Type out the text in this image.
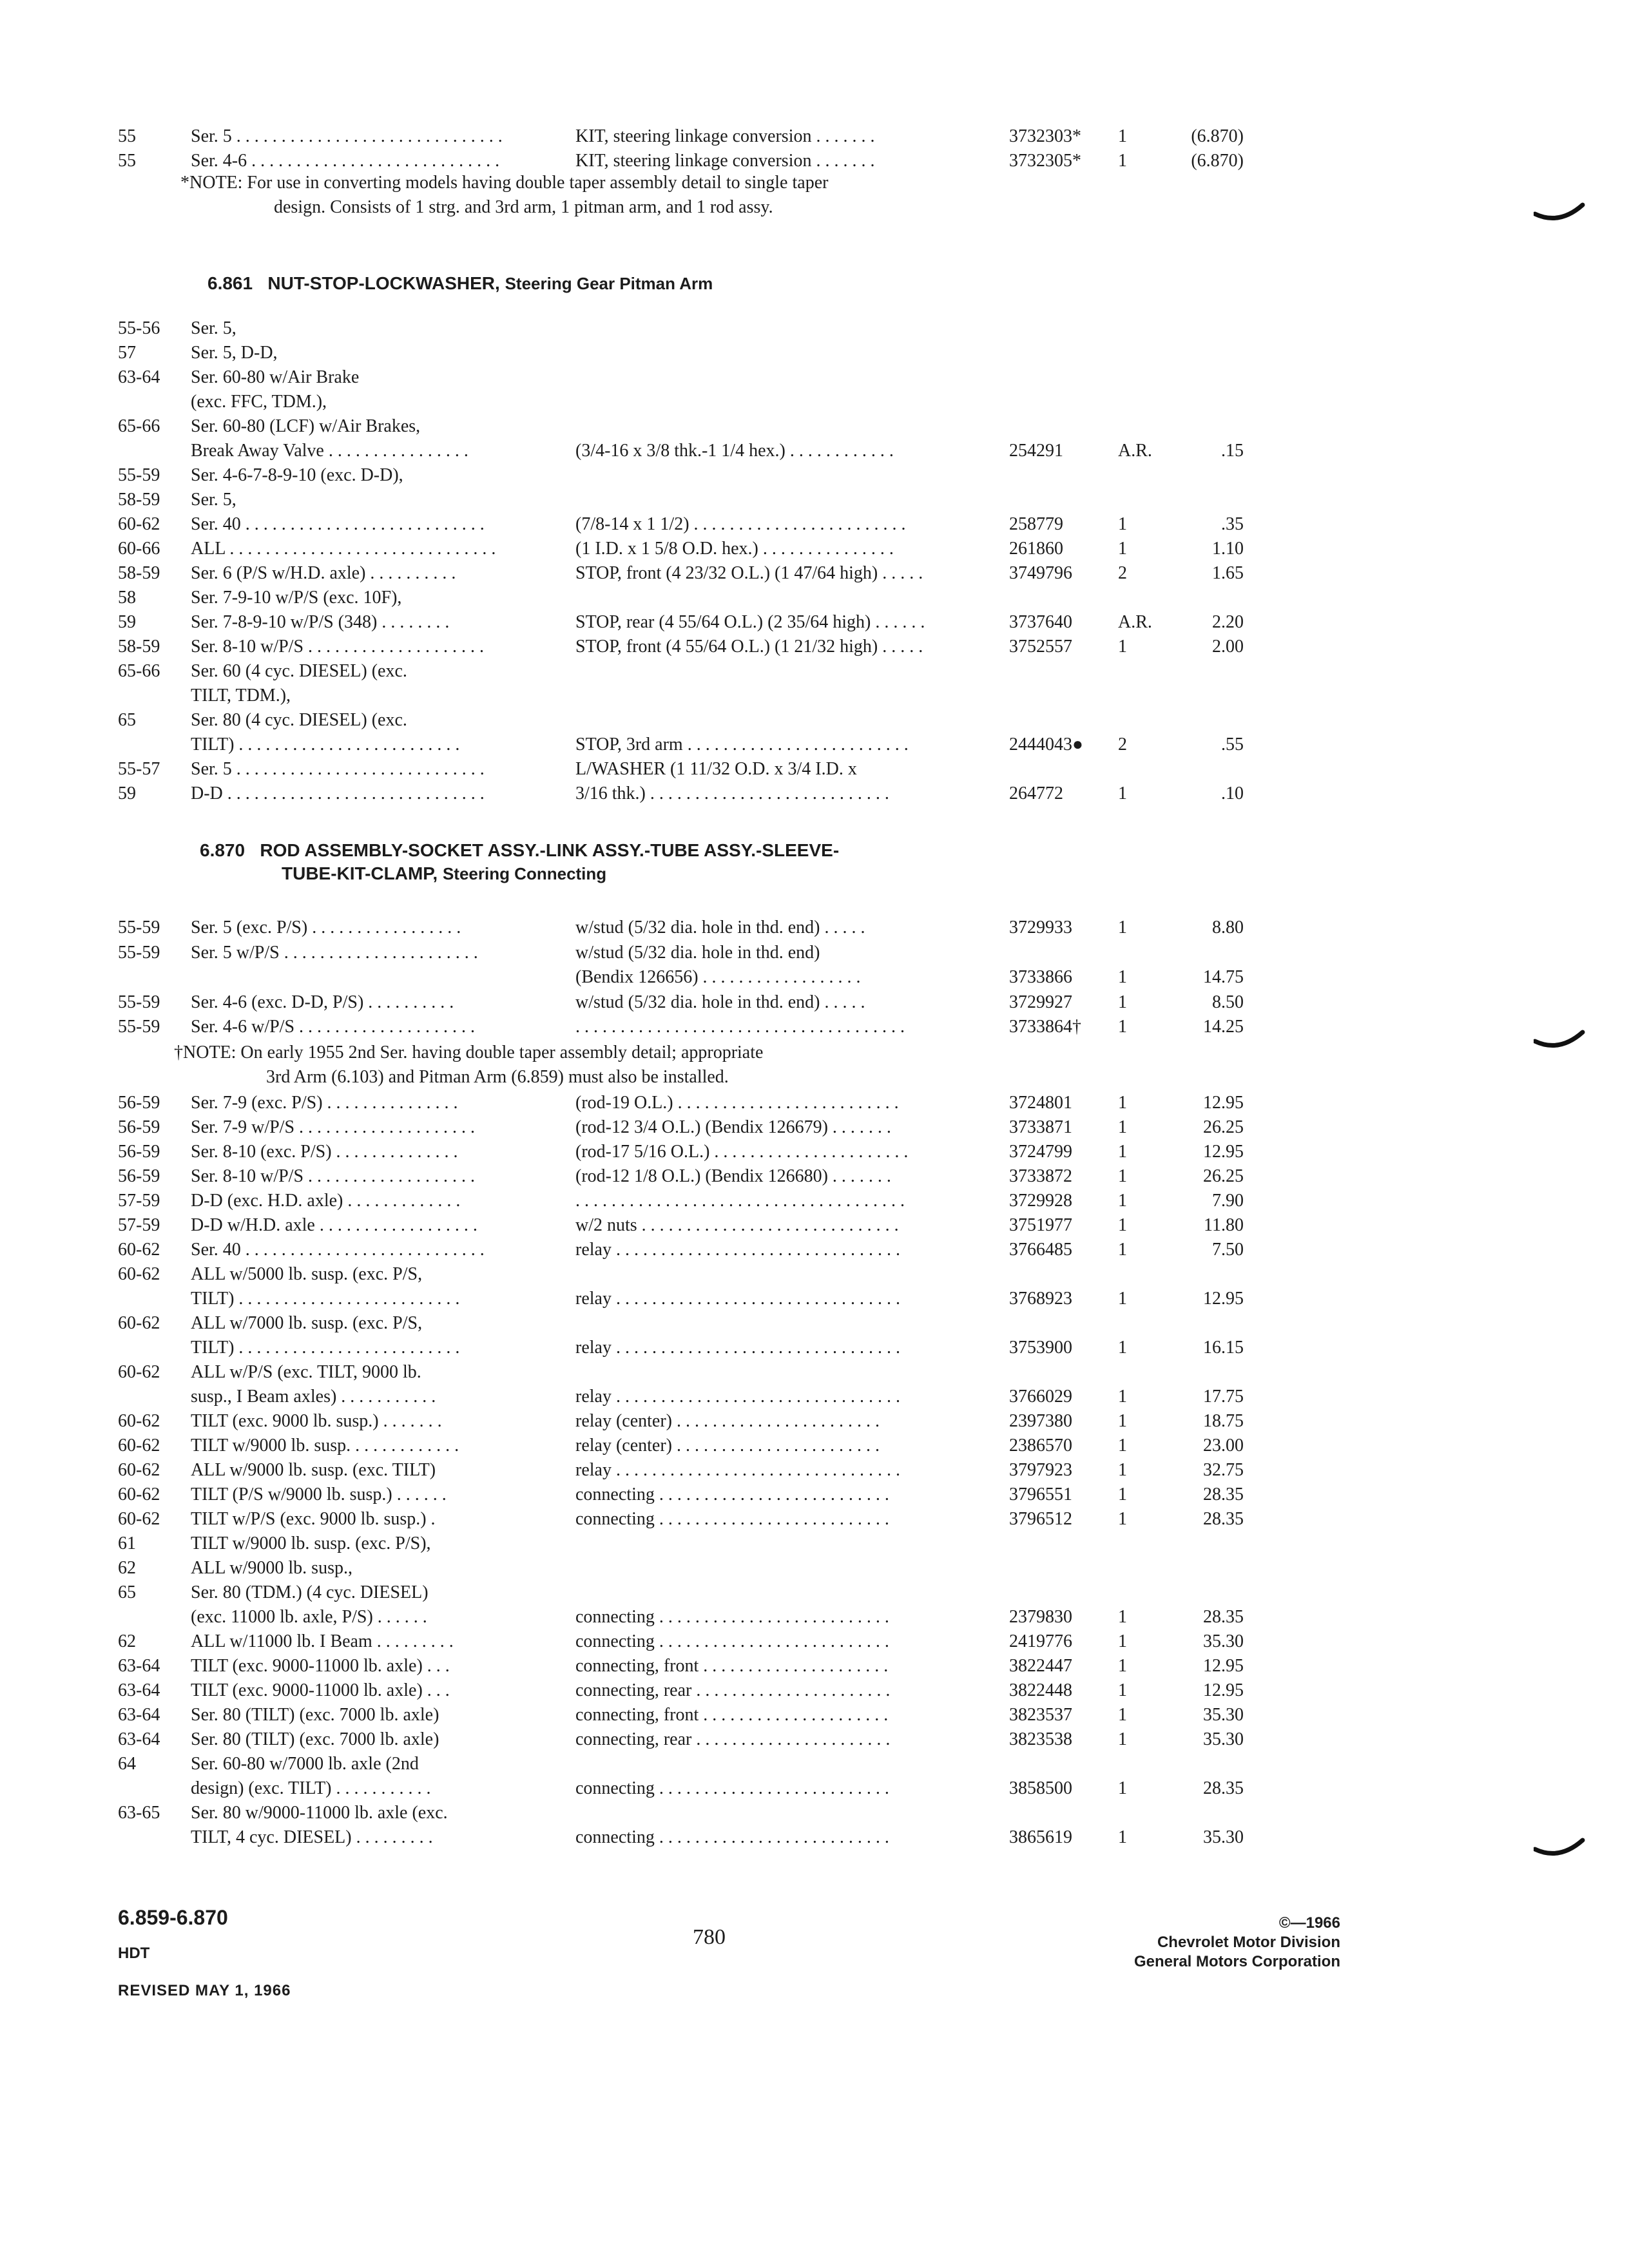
55	Ser. 5 . . . . . . . . . . . . . . . . . . . . . . . . . . . . . .	KIT, steering linkage conversion . . . . . . .	3732303* 1	(6.870)
55	Ser. 4-6 . . . . . . . . . . . . . . . . . . . . . . . . . . . .	KIT, steering linkage conversion . . . . . . .	3732305* 1	(6.870)
*NOTE: For use in converting models having double taper assembly detail to single taper
design. Consists of 1 strg. and 3rd arm, 1 pitman arm, and 1 rod assy.
6.861 NUT-STOP-LOCKWASHER, Steering Gear Pitman Arm
55-56 Ser. 5,
57	Ser. 5, D-D,
63-64 Ser. 60-80 w/Air Brake
(exc. FFC, TDM.),
65-66 Ser. 60-80 (LCF) w/Air Brakes,
Break Away Valve . . . . . . . . . . . . . . . .	(3/4-16 x 3/8 thk.-1 1/4 hex.) . . . . . . . . . . . .	254291	A.R.	.15
55-59 Ser. 4-6-7-8-9-10 (exc. D-D),
58-59 Ser. 5,
60-62 Ser. 40 . . . . . . . . . . . . . . . . . . . . . . . . . . .	(7/8-14 x 1 1/2) . . . . . . . . . . . . . . . . . . . . . . . .	258779	1	.35
60-66 ALL . . . . . . . . . . . . . . . . . . . . . . . . . . . . . .	(1 I.D. x 1 5/8 O.D. hex.) . . . . . . . . . . . . . . .	261860	1	1.10
58-59 Ser. 6 (P/S w/H.D. axle) . . . . . . . . . .	STOP, front (4 23/32 O.L.) (1 47/64 high) . . . . .	3749796	2	1.65
58	Ser. 7-9-10 w/P/S (exc. 10F),
59	Ser. 7-8-9-10 w/P/S (348) . . . . . . . .	STOP, rear (4 55/64 O.L.) (2 35/64 high) . . . . . .	3737640	A.R.	2.20
58-59 Ser. 8-10 w/P/S . . . . . . . . . . . . . . . . . . . .	STOP, front (4 55/64 O.L.) (1 21/32 high) . . . . .	3752557	1	2.00
65-66 Ser. 60 (4 cyc. DIESEL) (exc.
TILT, TDM.),
65	Ser. 80 (4 cyc. DIESEL) (exc.
TILT) . . . . . . . . . . . . . . . . . . . . . . . . .	STOP, 3rd arm . . . . . . . . . . . . . . . . . . . . . . . . .	2444043● 2	.55
55-57 Ser. 5 . . . . . . . . . . . . . . . . . . . . . . . . . . . .	L/WASHER (1 11/32 O.D. x 3/4 I.D. x
59	D-D . . . . . . . . . . . . . . . . . . . . . . . . . . . . .	3/16 thk.) . . . . . . . . . . . . . . . . . . . . . . . . . . .	264772	1	.10
6.870 ROD ASSEMBLY-SOCKET ASSY.-LINK ASSY.-TUBE ASSY.-SLEEVE-
TUBE-KIT-CLAMP, Steering Connecting
55-59 Ser. 5 (exc. P/S) . . . . . . . . . . . . . . . . .	w/stud (5/32 dia. hole in thd. end) . . . . .	3729933	1	8.80
55-59 Ser. 5 w/P/S . . . . . . . . . . . . . . . . . . . . . .	w/stud (5/32 dia. hole in thd. end)
(Bendix 126656) . . . . . . . . . . . . . . . . . .	3733866	1	14.75
55-59 Ser. 4-6 (exc. D-D, P/S) . . . . . . . . . .	w/stud (5/32 dia. hole in thd. end) . . . . .	3729927	1	8.50
55-59 Ser. 4-6 w/P/S . . . . . . . . . . . . . . . . . . . .	. . . . . . . . . . . . . . . . . . . . . . . . . . . . . . . . . . . . .	3733864† 1	14.25
†NOTE: On early 1955 2nd Ser. having double taper assembly detail; appropriate
3rd Arm (6.103) and Pitman Arm (6.859) must also be installed.
56-59 Ser. 7-9 (exc. P/S) . . . . . . . . . . . . . . .	(rod-19 O.L.) . . . . . . . . . . . . . . . . . . . . . . . . .	3724801	1	12.95
56-59 Ser. 7-9 w/P/S . . . . . . . . . . . . . . . . . . . .	(rod-12 3/4 O.L.) (Bendix 126679) . . . . . . .	3733871	1	26.25
56-59 Ser. 8-10 (exc. P/S) . . . . . . . . . . . . . .	(rod-17 5/16 O.L.) . . . . . . . . . . . . . . . . . . . . . .	3724799	1	12.95
56-59 Ser. 8-10 w/P/S . . . . . . . . . . . . . . . . . . .	(rod-12 1/8 O.L.) (Bendix 126680) . . . . . . .	3733872	1	26.25
57-59 D-D (exc. H.D. axle) . . . . . . . . . . . . .	. . . . . . . . . . . . . . . . . . . . . . . . . . . . . . . . . . . . .	3729928	1	7.90
57-59 D-D w/H.D. axle . . . . . . . . . . . . . . . . . .	w/2 nuts . . . . . . . . . . . . . . . . . . . . . . . . . . . . .	3751977	1	11.80
60-62 Ser. 40 . . . . . . . . . . . . . . . . . . . . . . . . . . .	relay . . . . . . . . . . . . . . . . . . . . . . . . . . . . . . . .	3766485	1	7.50
60-62 ALL w/5000 lb. susp. (exc. P/S,
TILT) . . . . . . . . . . . . . . . . . . . . . . . . .	relay . . . . . . . . . . . . . . . . . . . . . . . . . . . . . . . .	3768923	1	12.95
60-62 ALL w/7000 lb. susp. (exc. P/S,
TILT) . . . . . . . . . . . . . . . . . . . . . . . . .	relay . . . . . . . . . . . . . . . . . . . . . . . . . . . . . . . .	3753900	1	16.15
60-62 ALL w/P/S (exc. TILT, 9000 lb.
susp., I Beam axles) . . . . . . . . . . .	relay . . . . . . . . . . . . . . . . . . . . . . . . . . . . . . . .	3766029	1	17.75
60-62 TILT (exc. 9000 lb. susp.) . . . . . . .	relay (center) . . . . . . . . . . . . . . . . . . . . . . .	2397380	1	18.75
60-62 TILT w/9000 lb. susp. . . . . . . . . . . . .	relay (center) . . . . . . . . . . . . . . . . . . . . . . .	2386570	1	23.00
60-62 ALL w/9000 lb. susp. (exc. TILT)	relay . . . . . . . . . . . . . . . . . . . . . . . . . . . . . . . .	3797923	1	32.75
60-62 TILT (P/S w/9000 lb. susp.) . . . . . .	connecting . . . . . . . . . . . . . . . . . . . . . . . . . .	3796551	1	28.35
60-62 TILT w/P/S (exc. 9000 lb. susp.) .	connecting . . . . . . . . . . . . . . . . . . . . . . . . . .	3796512	1	28.35
61	TILT w/9000 lb. susp. (exc. P/S),
62	ALL w/9000 lb. susp.,
65	Ser. 80 (TDM.) (4 cyc. DIESEL)
(exc. 11000 lb. axle, P/S) . . . . . .	connecting . . . . . . . . . . . . . . . . . . . . . . . . . .	2379830	1	28.35
62	ALL w/11000 lb. I Beam . . . . . . . . .	connecting . . . . . . . . . . . . . . . . . . . . . . . . . .	2419776	1	35.30
63-64 TILT (exc. 9000-11000 lb. axle) . . .	connecting, front . . . . . . . . . . . . . . . . . . . . .	3822447	1	12.95
63-64 TILT (exc. 9000-11000 lb. axle) . . .	connecting, rear . . . . . . . . . . . . . . . . . . . . . .	3822448	1	12.95
63-64 Ser. 80 (TILT) (exc. 7000 lb. axle)	connecting, front . . . . . . . . . . . . . . . . . . . . .	3823537	1	35.30
63-64 Ser. 80 (TILT) (exc. 7000 lb. axle)	connecting, rear . . . . . . . . . . . . . . . . . . . . . .	3823538	1	35.30
64	Ser. 60-80 w/7000 lb. axle (2nd
design) (exc. TILT) . . . . . . . . . . .	connecting . . . . . . . . . . . . . . . . . . . . . . . . . .	3858500	1	28.35
63-65 Ser. 80 w/9000-11000 lb. axle (exc.
TILT, 4 cyc. DIESEL) . . . . . . . . .	connecting . . . . . . . . . . . . . . . . . . . . . . . . . .	3865619	1	35.30
6.859-6.870
HDT
REVISED MAY 1, 1966
780
©—1966
Chevrolet Motor Division
General Motors Corporation
